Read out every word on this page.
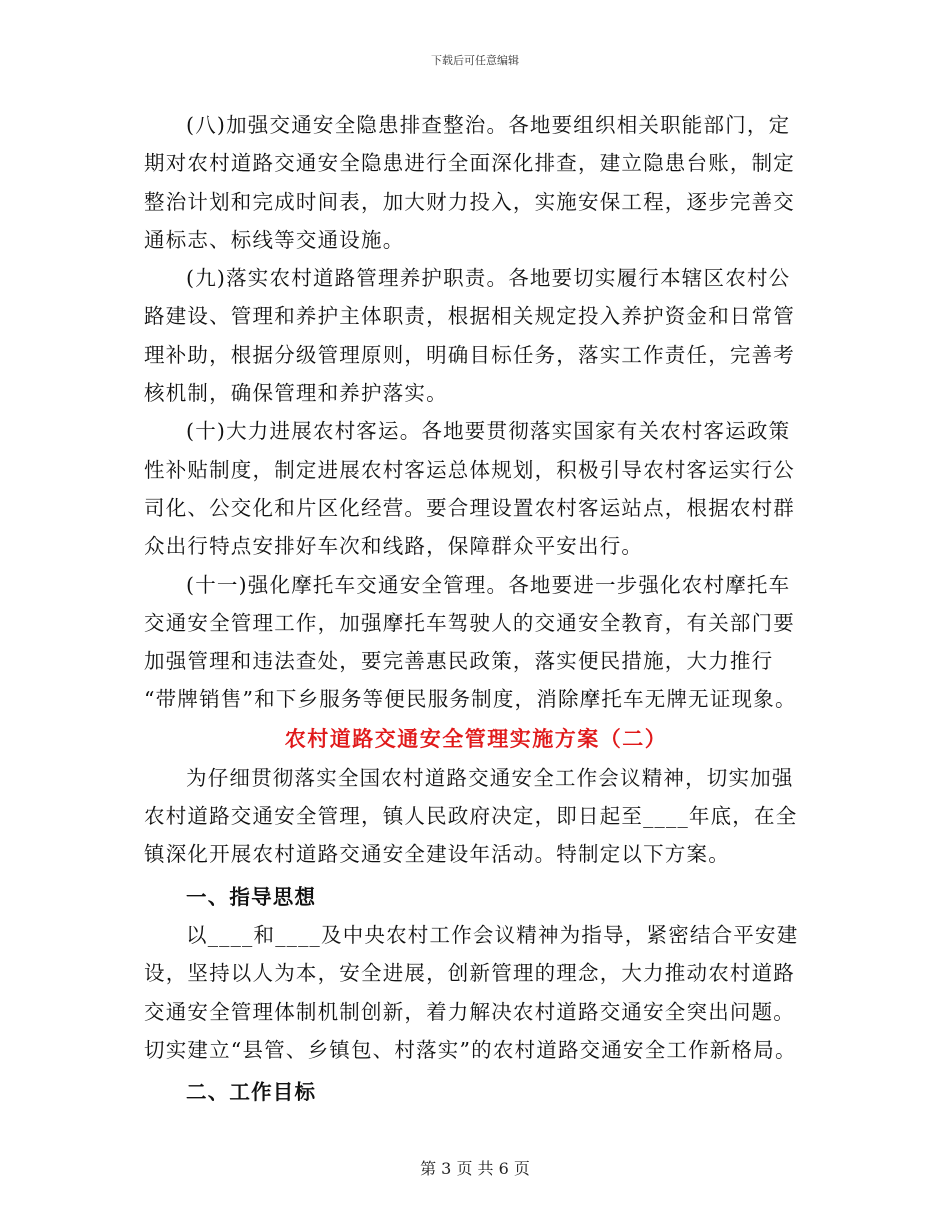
下载后可任意编辑
(八)加强交通安全隐患排查整治。各地要组织相关职能部门，定
期对农村道路交通安全隐患进行全面深化排查，建立隐患台账，制定
整治计划和完成时间表，加大财力投入，实施安保工程，逐步完善交
通标志、标线等交通设施。
(九)落实农村道路管理养护职责。各地要切实履行本辖区农村公
路建设、管理和养护主体职责，根据相关规定投入养护资金和日常管
理补助，根据分级管理原则，明确目标任务，落实工作责任，完善考
核机制，确保管理和养护落实。
(十)大力进展农村客运。各地要贯彻落实国家有关农村客运政策
性补贴制度，制定进展农村客运总体规划，积极引导农村客运实行公
司化、公交化和片区化经营。要合理设置农村客运站点，根据农村群
众出行特点安排好车次和线路，保障群众平安出行。
(十一)强化摩托车交通安全管理。各地要进一步强化农村摩托车
交通安全管理工作，加强摩托车驾驶人的交通安全教育，有关部门要
加强管理和违法查处，要完善惠民政策，落实便民措施，大力推行
“带牌销售”和下乡服务等便民服务制度，消除摩托车无牌无证现象。
农村道路交通安全管理实施方案（二）
为仔细贯彻落实全国农村道路交通安全工作会议精神，切实加强
农村道路交通安全管理，镇人民政府决定，即日起至____年底，在全
镇深化开展农村道路交通安全建设年活动。特制定以下方案。
一、指导思想
以____和____及中央农村工作会议精神为指导，紧密结合平安建
设，坚持以人为本，安全进展，创新管理的理念，大力推动农村道路
交通安全管理体制机制创新，着力解决农村道路交通安全突出问题。
切实建立“县管、乡镇包、村落实”的农村道路交通安全工作新格局。
二、工作目标
第 3 页 共 6 页
